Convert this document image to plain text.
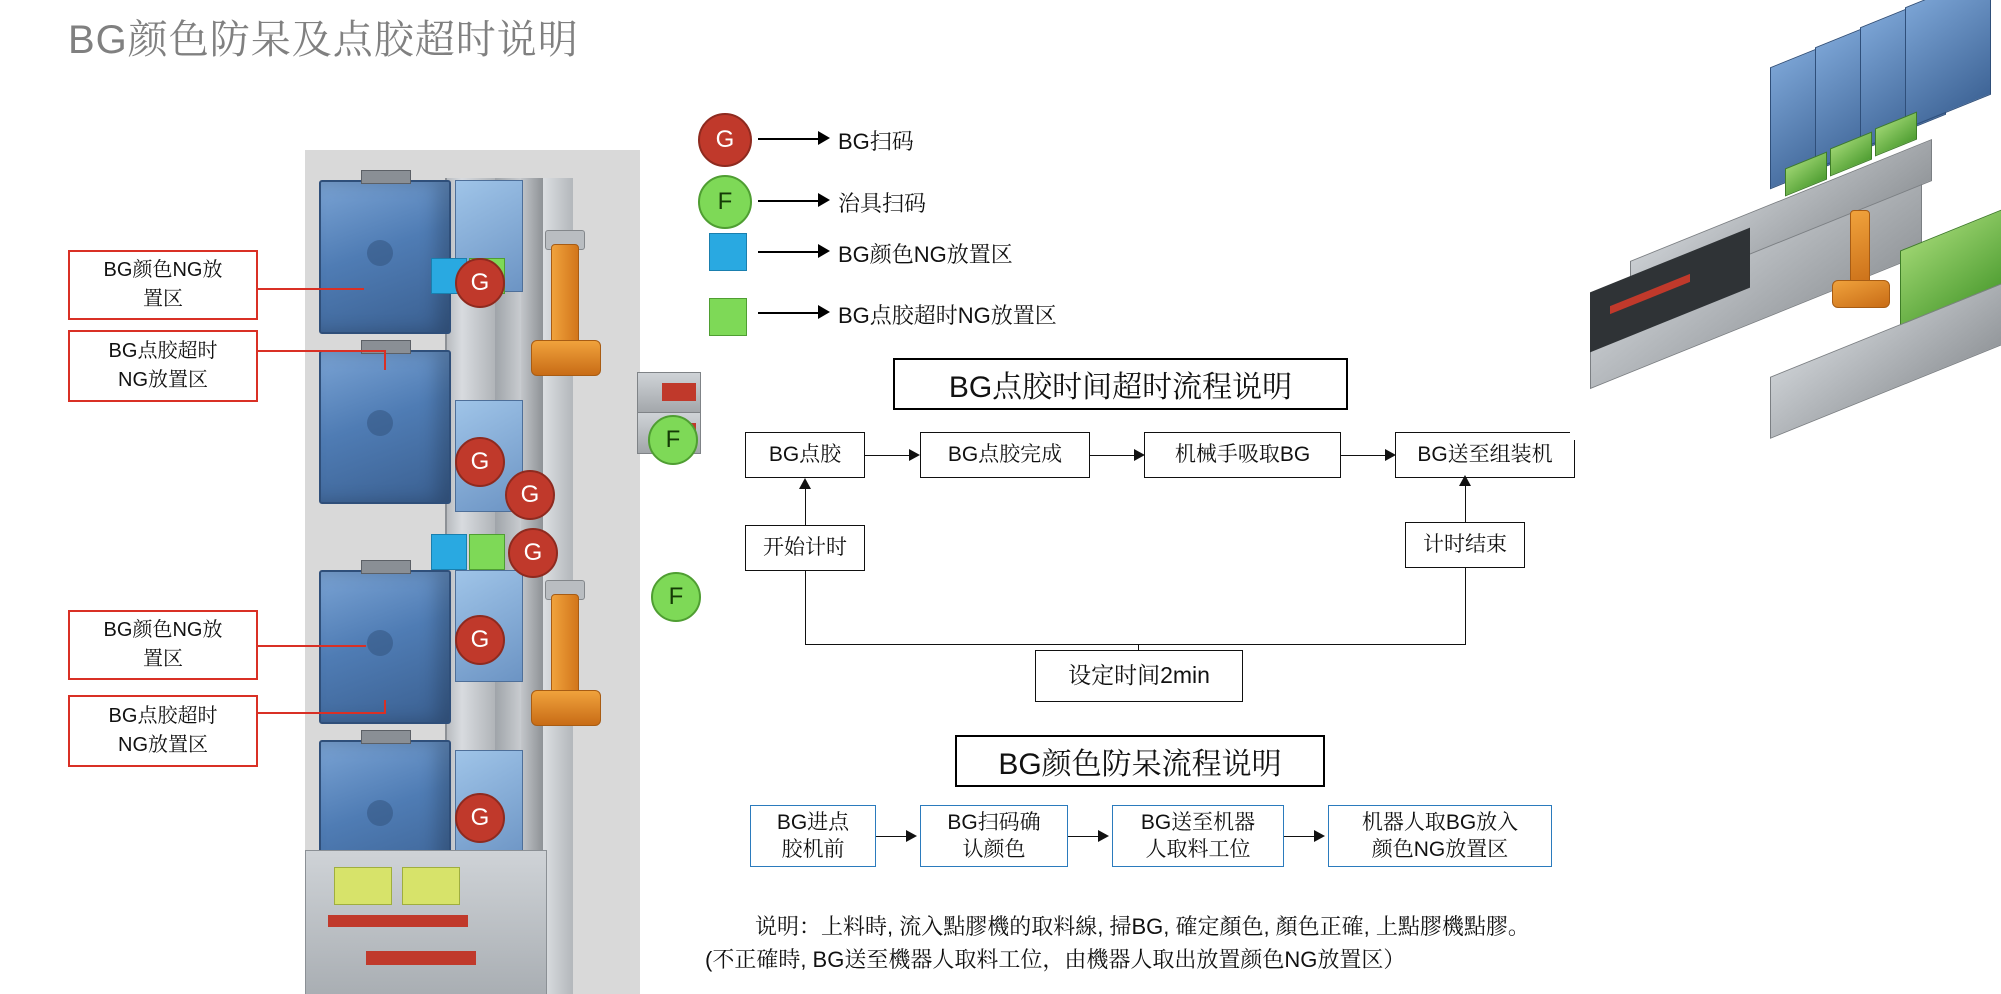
BG颜色防呆及点胶超时说明
BG颜色NG放
置区
BG点胶超时
NG放置区
BG颜色NG放
置区
BG点胶超时
NG放置区
G
G
G
G
G
G
F
F
G	BG扫码
F	治具扫码
BG颜色NG放置区
BG点胶超时NG放置区
BG点胶时间超时流程说明
BG点胶	BG点胶完成	机械手吸取BG	BG送至组装机
开始计时	计时结束
设定时间2min
BG颜色防呆流程说明
BG进点
胶机前
BG扫码确
认颜色
BG送至机器
人取料工位
机器人取BG放入
颜色NG放置区
说明：上料時, 流入點膠機的取料線, 掃BG, 確定顏色, 顏色正確, 上點膠機點膠。
(不正確時, BG送至機器人取料工位，由機器人取出放置颜色NG放置区）
